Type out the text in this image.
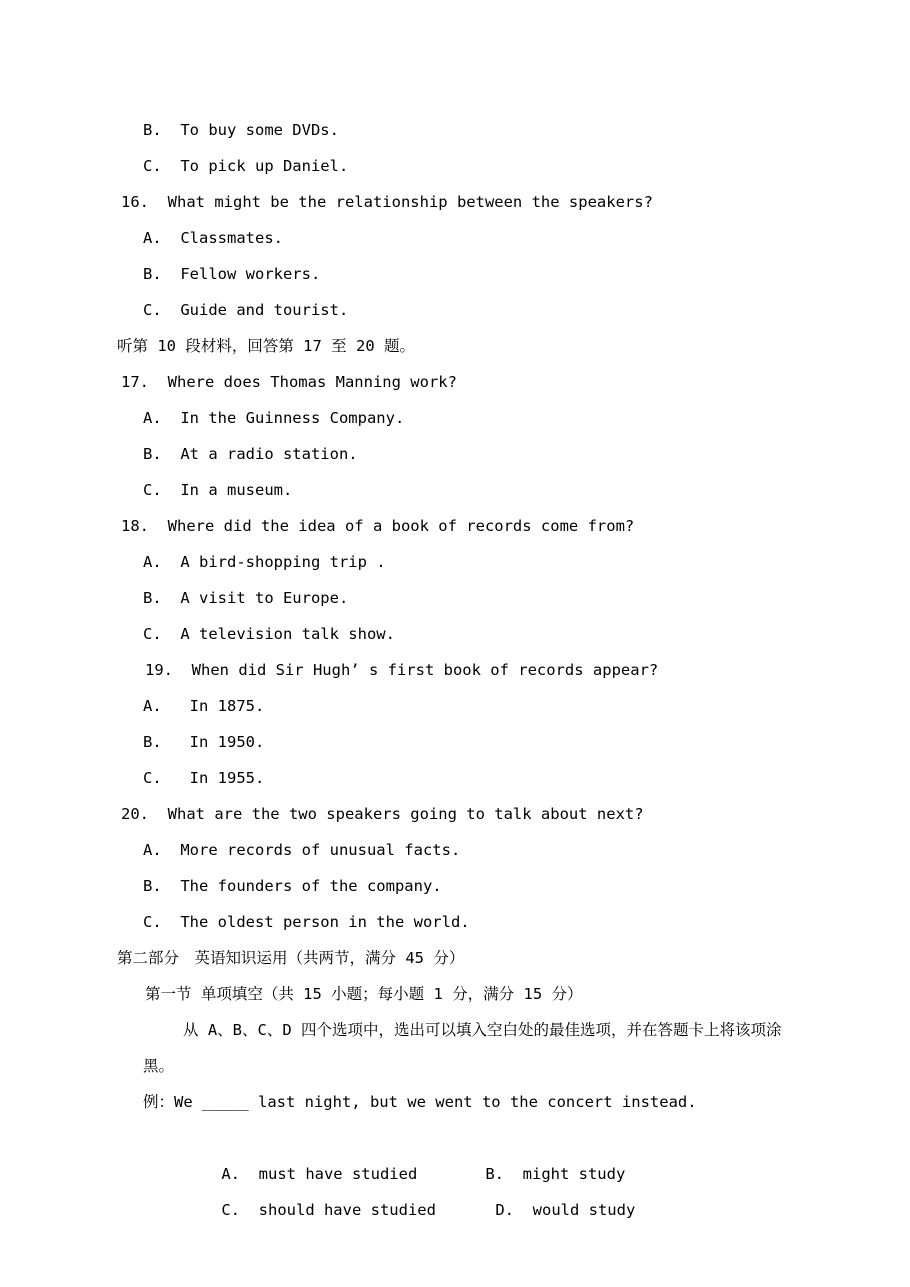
B.  To buy some DVDs.
C.  To pick up Daniel.
16.  What might be the relationship between the speakers?
A.  Classmates.
B.  Fellow workers.
C.  Guide and tourist.
听第 10 段材料，回答第 17 至 20 题。
17.  Where does Thomas Manning work?
A.  In the Guinness Company.
B.  At a radio station.
C.  In a museum.
18.  Where did the idea of a book of records come from?
A.  A bird-shopping trip .
B.  A visit to Europe.
C.  A television talk show.
19.  When did Sir Hugh’ s first book of records appear?
A.   In 1875.
B.   In 1950.
C.   In 1955.
20.  What are the two speakers going to talk about next?
A.  More records of unusual facts.
B.  The founders of the company.
C.  The oldest person in the world.
第二部分　英语知识运用（共两节，满分 45 分）
第一节 单项填空（共 15 小题；每小题 1 分，满分 15 分）
从 A、B、C、D 四个选项中，选出可以填入空白处的最佳选项，并在答题卡上将该项涂
黑。
例：We _____ last night, but we went to the concert instead.

A.  must have studied	B.  might study

C.  should have studied	D.  would study
